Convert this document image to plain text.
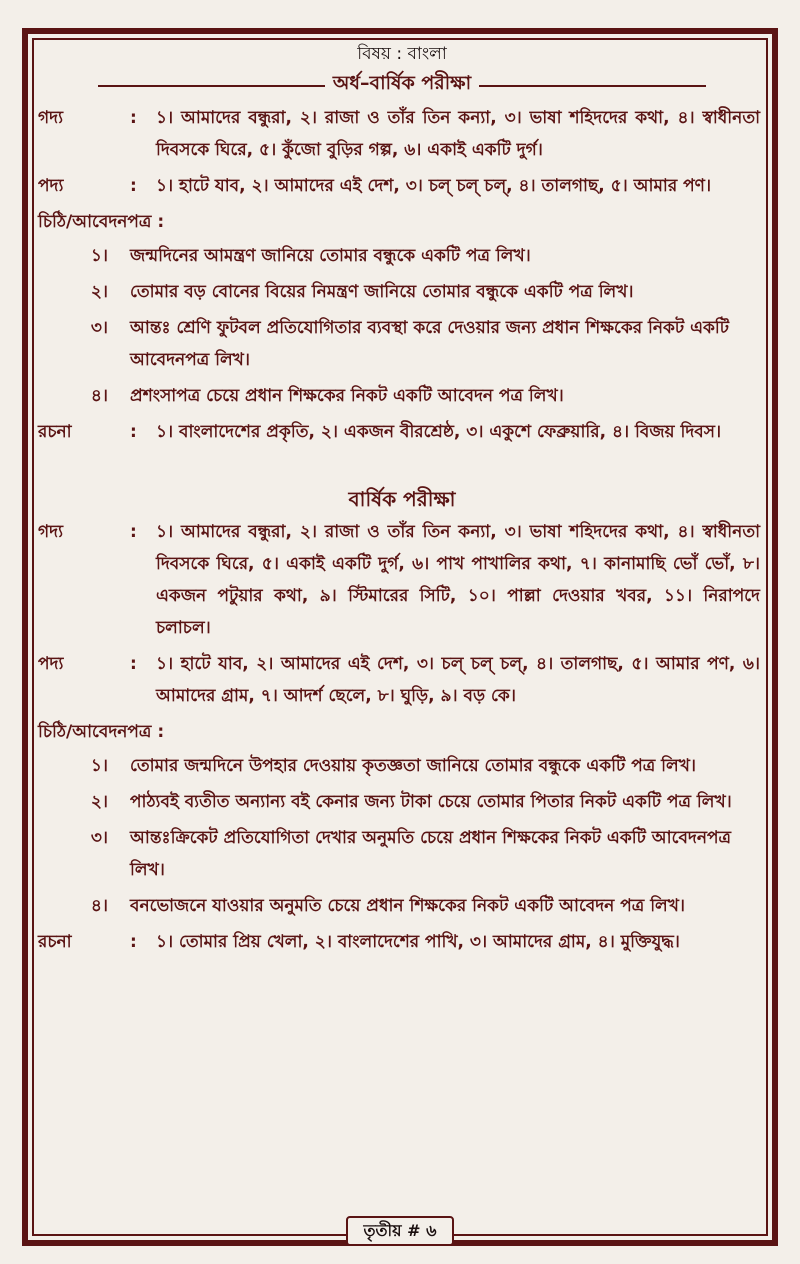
বিষয় : বাংলা
অর্ধ–বার্ষিক পরীক্ষা
গদ্য	:	১। আমাদের বন্ধুরা, ২। রাজা ও তাঁর তিন কন্যা, ৩। ভাষা শহিদদের কথা, ৪। স্বাধীনতা দিবসকে ঘিরে, ৫। কুঁজো বুড়ির গল্প, ৬। একাই একটি দুর্গ।
পদ্য	:	১। হাটে যাব, ২। আমাদের এই দেশ, ৩। চল্ চল্ চল্, ৪। তালগাছ, ৫। আমার পণ।
চিঠি/আবেদনপত্র :
১।	জন্মদিনের আমন্ত্রণ জানিয়ে তোমার বন্ধুকে একটি পত্র লিখ।
২।	তোমার বড় বোনের বিয়ের নিমন্ত্রণ জানিয়ে তোমার বন্ধুকে একটি পত্র লিখ।
৩।	আন্তঃ শ্রেণি ফুটবল প্রতিযোগিতার ব্যবস্থা করে দেওয়ার জন্য প্রধান শিক্ষকের নিকট একটি আবেদনপত্র লিখ।
৪।	প্রশংসাপত্র চেয়ে প্রধান শিক্ষকের নিকট একটি আবেদন পত্র লিখ।
রচনা	:	১। বাংলাদেশের প্রকৃতি, ২। একজন বীরশ্রেষ্ঠ, ৩। একুশে ফেব্রুয়ারি, ৪। বিজয় দিবস।
বার্ষিক পরীক্ষা
গদ্য	:	১। আমাদের বন্ধুরা, ২। রাজা ও তাঁর তিন কন্যা, ৩। ভাষা শহিদদের কথা, ৪। স্বাধীনতা দিবসকে ঘিরে, ৫। একাই একটি দুর্গ, ৬। পাখ পাখালির কথা, ৭। কানামাছি ভোঁ ভোঁ, ৮। একজন পটুয়ার কথা, ৯। স্টিমারের সিটি, ১০। পাল্লা দেওয়ার খবর, ১১। নিরাপদে চলাচল।
পদ্য	:	১। হাটে যাব, ২। আমাদের এই দেশ, ৩। চল্ চল্ চল্, ৪। তালগাছ, ৫। আমার পণ, ৬। আমাদের গ্রাম, ৭। আদর্শ ছেলে, ৮। ঘুড়ি, ৯। বড় কে।
চিঠি/আবেদনপত্র :
১।	তোমার জন্মদিনে উপহার দেওয়ায় কৃতজ্ঞতা জানিয়ে তোমার বন্ধুকে একটি পত্র লিখ।
২।	পাঠ্যবই ব্যতীত অন্যান্য বই কেনার জন্য টাকা চেয়ে তোমার পিতার নিকট একটি পত্র লিখ।
৩।	আন্তঃক্রিকেট প্রতিযোগিতা দেখার অনুমতি চেয়ে প্রধান শিক্ষকের নিকট একটি আবেদনপত্র লিখ।
৪।	বনভোজনে যাওয়ার অনুমতি চেয়ে প্রধান শিক্ষকের নিকট একটি আবেদন পত্র লিখ।
রচনা	:	১। তোমার প্রিয় খেলা, ২। বাংলাদেশের পাখি, ৩। আমাদের গ্রাম, ৪। মুক্তিযুদ্ধ।
তৃতীয় # ৬
